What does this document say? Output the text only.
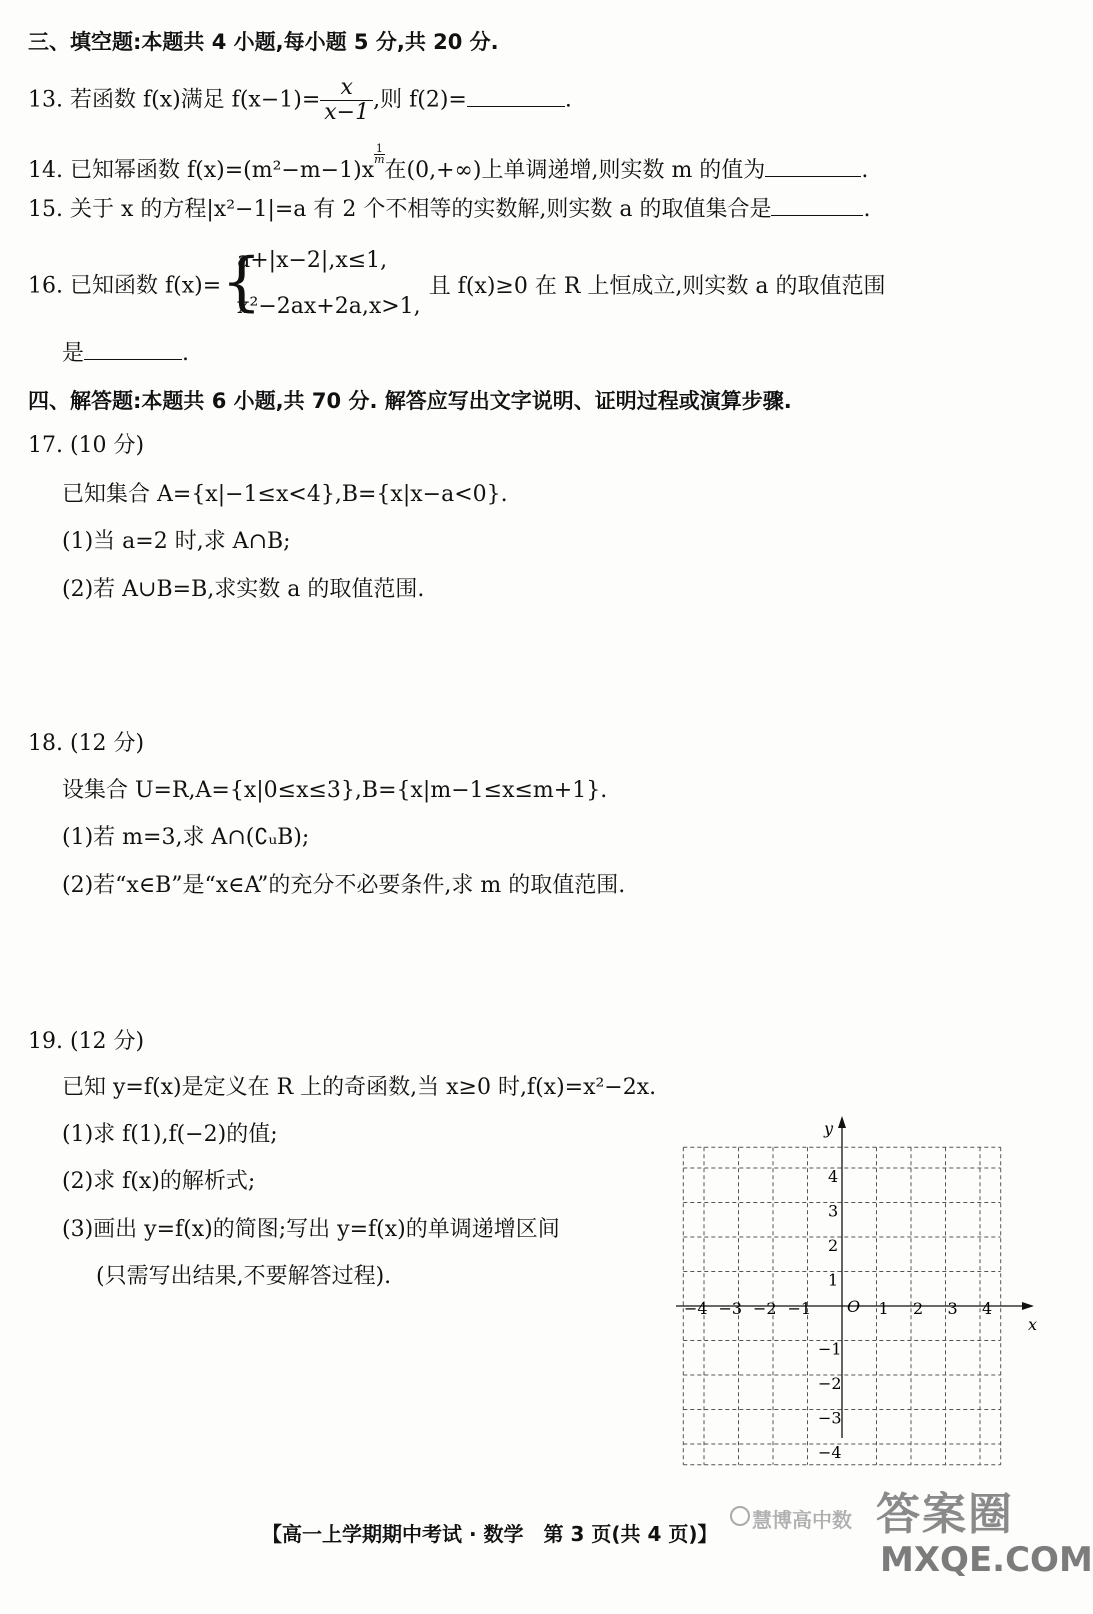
三、填空题:本题共 4 小题,每小题 5 分,共 20 分.
13. 若函数 f(x)满足 $f(x-1)= \frac{x}{x-1}$ ,则 f(2)=	.
14. 已知幂函数 f(x)=(m²−m−1)x
$^{\frac{1}{m}}$
在(0,+∞)上单调递增,则实数 m 的值为	.
15. 关于 x 的方程|x²−1|=a 有 2 个不相等的实数解,则实数 a 的取值集合是	.
16. 已知函数 f(x)= {
a+|x−2|,x≤1,
x²−2ax+2a,x>1,
且 f(x)≥0 在 R 上恒成立,则实数 a 的取值范围
是	.
四、解答题:本题共 6 小题,共 70 分. 解答应写出文字说明、证明过程或演算步骤.
17. (10 分)
已知集合 A={x|−1≤x<4},B={x|x−a<0}.
(1)当 a=2 时,求 A∩B;
(2)若 A∪B=B,求实数 a 的取值范围.
18. (12 分)
设集合 U=R,A={x|0≤x≤3},B={x|m−1≤x≤m+1}.
(1)若 m=3,求 A∩(∁ᵤB);
(2)若“x∈B”是“x∈A”的充分不必要条件,求 m 的取值范围.
19. (12 分)
已知 y=f(x)是定义在 R 上的奇函数,当 x≥0 时,f(x)=x²−2x.
(1)求 f(1),f(−2)的值;
(2)求 f(x)的解析式;
(3)画出 y=f(x)的简图;写出 y=f(x)的单调递增区间
(只需写出结果,不要解答过程).
x
y
O
−4 −3 −2 −1	1 2 3 4
4
3
2
1
−1
−2
−3
−4
【高一上学期期中考试 · 数学　第 3 页(共 4 页)】
慧博高中数 答案圈
MXQE.COM
